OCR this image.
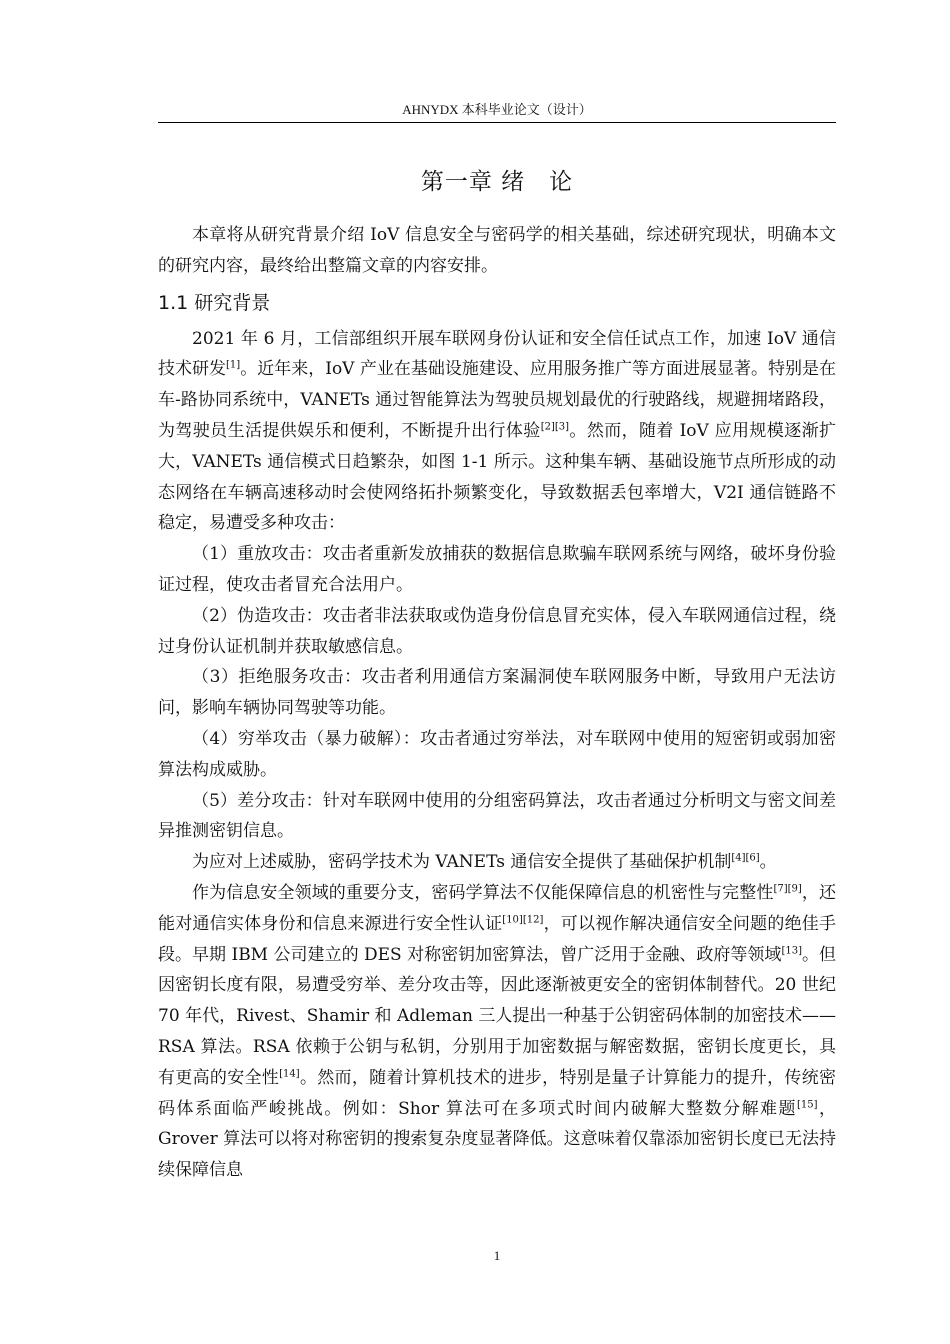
AHNYDX 本科毕业论文（设计）
第一章 绪　论

本章将从研究背景介绍 IoV 信息安全与密码学的相关基础，综述研究现状，明确本文的研究内容，最终给出整篇文章的内容安排。

1.1 研究背景

2021 年 6 月，工信部组织开展车联网身份认证和安全信任试点工作，加速 IoV 通信技术研发[1]。近年来，IoV 产业在基础设施建设、应用服务推广等方面进展显著。特别是在车-路协同系统中，VANETs 通过智能算法为驾驶员规划最优的行驶路线，规避拥堵路段，为驾驶员生活提供娱乐和便利，不断提升出行体验[2][3]。然而，随着 IoV 应用规模逐渐扩大，VANETs 通信模式日趋繁杂，如图 1-1 所示。这种集车辆、基础设施节点所形成的动态网络在车辆高速移动时会使网络拓扑频繁变化，导致数据丢包率增大，V2I 通信链路不稳定，易遭受多种攻击：

（1）重放攻击：攻击者重新发放捕获的数据信息欺骗车联网系统与网络，破坏身份验证过程，使攻击者冒充合法用户。

（2）伪造攻击：攻击者非法获取或伪造身份信息冒充实体，侵入车联网通信过程，绕过身份认证机制并获取敏感信息。

（3）拒绝服务攻击：攻击者利用通信方案漏洞使车联网服务中断，导致用户无法访问，影响车辆协同驾驶等功能。

（4）穷举攻击（暴力破解）：攻击者通过穷举法，对车联网中使用的短密钥或弱加密算法构成威胁。

（5）差分攻击：针对车联网中使用的分组密码算法，攻击者通过分析明文与密文间差异推测密钥信息。

为应对上述威胁，密码学技术为 VANETs 通信安全提供了基础保护机制[4][6]。

作为信息安全领域的重要分支，密码学算法不仅能保障信息的机密性与完整性[7][9]，还能对通信实体身份和信息来源进行安全性认证[10][12]，可以视作解决通信安全问题的绝佳手段。早期 IBM 公司建立的 DES 对称密钥加密算法，曾广泛用于金融、政府等领域[13]。但因密钥长度有限，易遭受穷举、差分攻击等，因此逐渐被更安全的密钥体制替代。20 世纪 70 年代，Rivest、Shamir 和 Adleman 三人提出一种基于公钥密码体制的加密技术——RSA 算法。RSA 依赖于公钥与私钥，分别用于加密数据与解密数据，密钥长度更长，具有更高的安全性[14]。然而，随着计算机技术的进步，特别是量子计算能力的提升，传统密码体系面临严峻挑战。例如：Shor 算法可在多项式时间内破解大整数分解难题[15]，Grover 算法可以将对称密钥的搜索复杂度显著降低。这意味着仅靠添加密钥长度已无法持续保障信息

1
